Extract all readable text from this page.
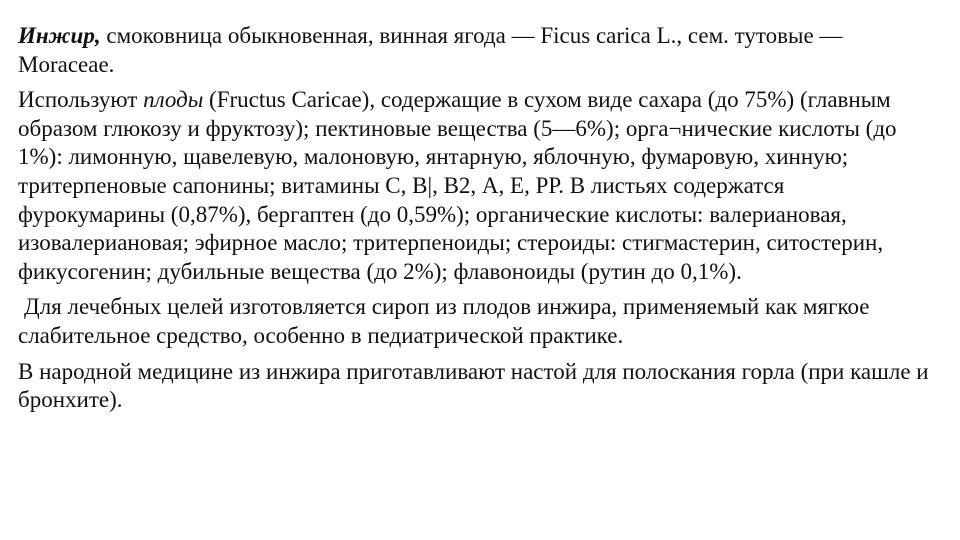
Инжир, смоковница обыкновенная, винная ягода — Ficus carica L., сем. тутовые — Moraceae.

Используют плоды (Fructus Caricae), содержащие в сухом виде сахара (до 75%) (главным образом глюкозу и фруктозу); пектиновые вещества (5—6%); орга¬нические кислоты (до 1%): лимонную, щавелевую, малоновую, янтарную, яблочную, фумаровую, хинную; тритерпеновые сапонины; витамины С, В|, В2, А, Е, РР. В листьях содержатся фурокумарины (0,87%), бергаптен (до 0,59%); органические кислоты: валериановая, изовалериановая; эфирное масло; тритерпеноиды; стероиды: стигмастерин, ситостерин, фикусогенин; дубильные вещества (до 2%); флавоноиды (рутин до 0,1%).

Для лечебных целей изготовляется сироп из плодов инжира, применяемый как мягкое слабительное средство, особенно в педиатрической практике.

В народной медицине из инжира приготавливают настой для полоскания горла (при кашле и бронхите).
